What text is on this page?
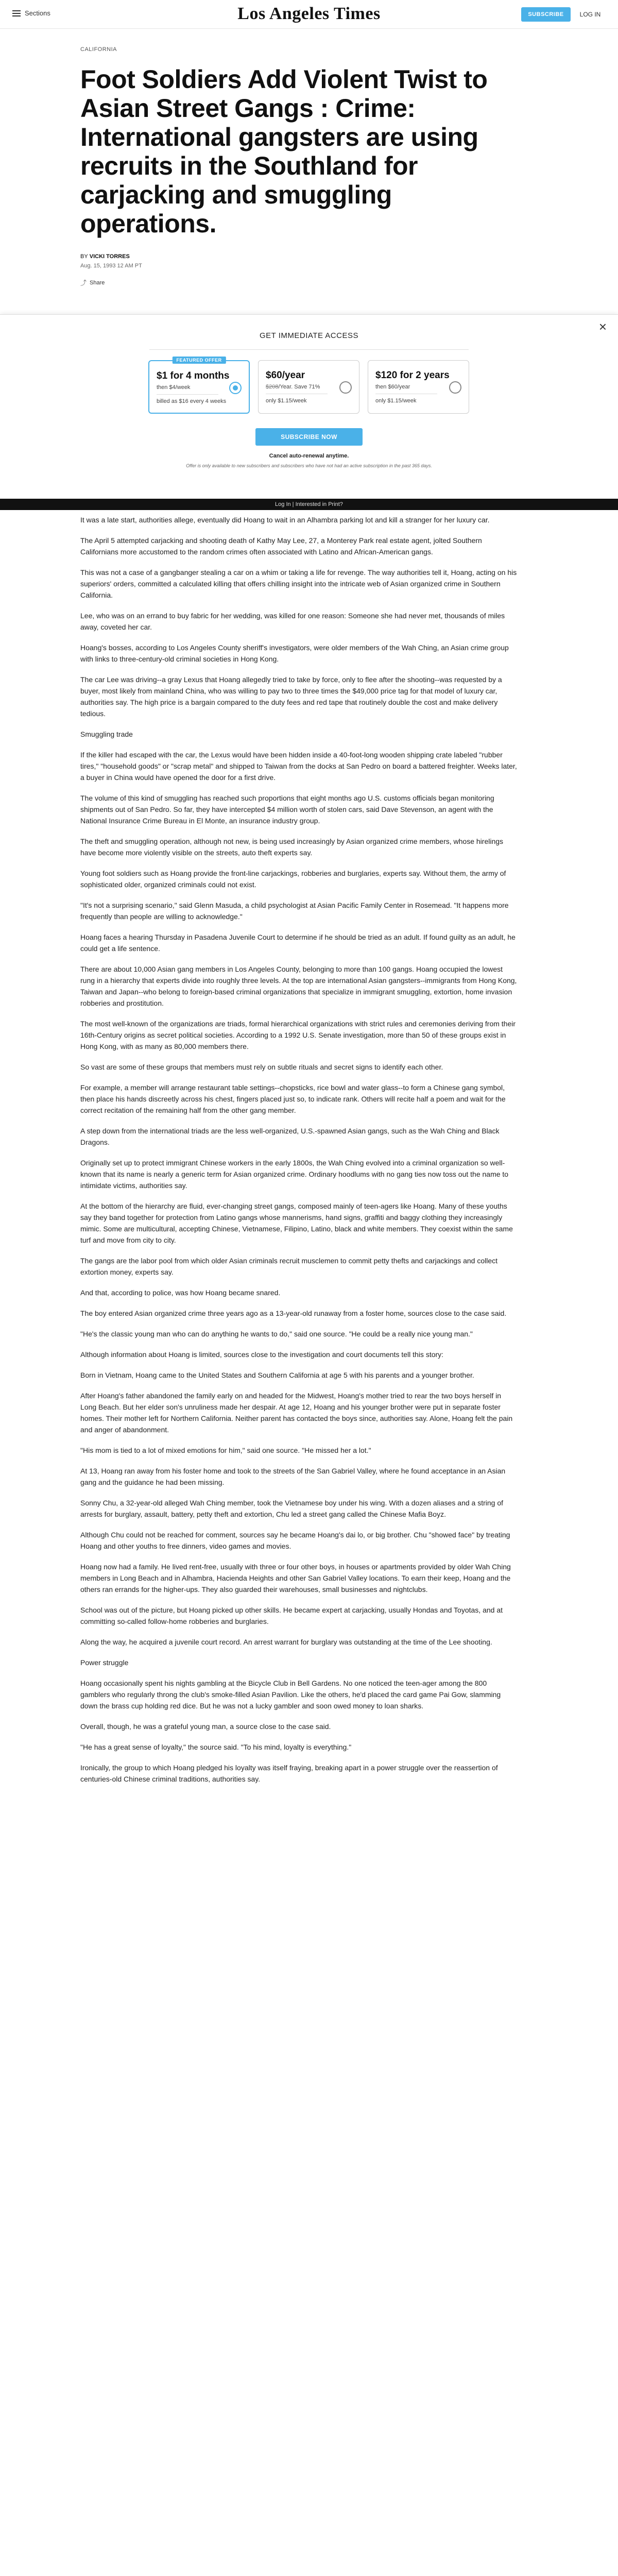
Sections	Los Angeles Times	SUBSCRIBE	LOG IN
CALIFORNIA
Foot Soldiers Add Violent Twist to Asian Street Gangs : Crime: International gangsters are using recruits in the Southland for carjacking and smuggling operations.
BY VICKI TORRES
Aug. 15, 1993 12 AM PT
⤴ Share
×
GET IMMEDIATE ACCESS
FEATURED OFFER
$1 for 4 months
then $4/week
billed as $16 every 4 weeks
$60/year
$208/Year. Save 71%
only $1.15/week
$120 for 2 years
then $60/year
only $1.15/week
SUBSCRIBE NOW
Cancel auto-renewal anytime.
Offer is only available to new subscribers and subscribers who have not had an active subscription in the past 365 days.
Log In | Interested in Print?

It was a late start, authorities allege, eventually did Hoang to wait in an Alhambra parking lot and kill a stranger for her luxury car.

The April 5 attempted carjacking and shooting death of Kathy May Lee, 27, a Monterey Park real estate agent, jolted Southern Californians more accustomed to the random crimes often associated with Latino and African-American gangs.

This was not a case of a gangbanger stealing a car on a whim or taking a life for revenge. The way authorities tell it, Hoang, acting on his superiors' orders, committed a calculated killing that offers chilling insight into the intricate web of Asian organized crime in Southern California.

Lee, who was on an errand to buy fabric for her wedding, was killed for one reason: Someone she had never met, thousands of miles away, coveted her car.

Hoang's bosses, according to Los Angeles County sheriff's investigators, were older members of the Wah Ching, an Asian crime group with links to three-century-old criminal societies in Hong Kong.

The car Lee was driving--a gray Lexus that Hoang allegedly tried to take by force, only to flee after the shooting--was requested by a buyer, most likely from mainland China, who was willing to pay two to three times the $49,000 price tag for that model of luxury car, authorities say. The high price is a bargain compared to the duty fees and red tape that routinely double the cost and make delivery tedious.

Smuggling trade

If the killer had escaped with the car, the Lexus would have been hidden inside a 40-foot-long wooden shipping crate labeled "rubber tires," "household goods" or "scrap metal" and shipped to Taiwan from the docks at San Pedro on board a battered freighter. Weeks later, a buyer in China would have opened the door for a first drive.

The volume of this kind of smuggling has reached such proportions that eight months ago U.S. customs officials began monitoring shipments out of San Pedro. So far, they have intercepted $4 million worth of stolen cars, said Dave Stevenson, an agent with the National Insurance Crime Bureau in El Monte, an insurance industry group.

The theft and smuggling operation, although not new, is being used increasingly by Asian organized crime members, whose hirelings have become more violently visible on the streets, auto theft experts say.

Young foot soldiers such as Hoang provide the front-line carjackings, robberies and burglaries, experts say. Without them, the army of sophisticated older, organized criminals could not exist.

"It's not a surprising scenario," said Glenn Masuda, a child psychologist at Asian Pacific Family Center in Rosemead. "It happens more frequently than people are willing to acknowledge."

Hoang faces a hearing Thursday in Pasadena Juvenile Court to determine if he should be tried as an adult. If found guilty as an adult, he could get a life sentence.

There are about 10,000 Asian gang members in Los Angeles County, belonging to more than 100 gangs. Hoang occupied the lowest rung in a hierarchy that experts divide into roughly three levels. At the top are international Asian gangsters--immigrants from Hong Kong, Taiwan and Japan--who belong to foreign-based criminal organizations that specialize in immigrant smuggling, extortion, home invasion robberies and prostitution.

The most well-known of the organizations are triads, formal hierarchical organizations with strict rules and ceremonies deriving from their 16th-Century origins as secret political societies. According to a 1992 U.S. Senate investigation, more than 50 of these groups exist in Hong Kong, with as many as 80,000 members there.

So vast are some of these groups that members must rely on subtle rituals and secret signs to identify each other.

For example, a member will arrange restaurant table settings--chopsticks, rice bowl and water glass--to form a Chinese gang symbol, then place his hands discreetly across his chest, fingers placed just so, to indicate rank. Others will recite half a poem and wait for the correct recitation of the remaining half from the other gang member.

A step down from the international triads are the less well-organized, U.S.-spawned Asian gangs, such as the Wah Ching and Black Dragons.

Originally set up to protect immigrant Chinese workers in the early 1800s, the Wah Ching evolved into a criminal organization so well-known that its name is nearly a generic term for Asian organized crime. Ordinary hoodlums with no gang ties now toss out the name to intimidate victims, authorities say.

At the bottom of the hierarchy are fluid, ever-changing street gangs, composed mainly of teen-agers like Hoang. Many of these youths say they band together for protection from Latino gangs whose mannerisms, hand signs, graffiti and baggy clothing they increasingly mimic. Some are multicultural, accepting Chinese, Vietnamese, Filipino, Latino, black and white members. They coexist within the same turf and move from city to city.

The gangs are the labor pool from which older Asian criminals recruit musclemen to commit petty thefts and carjackings and collect extortion money, experts say.

And that, according to police, was how Hoang became snared.

The boy entered Asian organized crime three years ago as a 13-year-old runaway from a foster home, sources close to the case said.

"He's the classic young man who can do anything he wants to do," said one source. "He could be a really nice young man."

Although information about Hoang is limited, sources close to the investigation and court documents tell this story:

Born in Vietnam, Hoang came to the United States and Southern California at age 5 with his parents and a younger brother.

After Hoang's father abandoned the family early on and headed for the Midwest, Hoang's mother tried to rear the two boys herself in Long Beach. But her elder son's unruliness made her despair. At age 12, Hoang and his younger brother were put in separate foster homes. Their mother left for Northern California. Neither parent has contacted the boys since, authorities say. Alone, Hoang felt the pain and anger of abandonment.

"His mom is tied to a lot of mixed emotions for him," said one source. "He missed her a lot."

At 13, Hoang ran away from his foster home and took to the streets of the San Gabriel Valley, where he found acceptance in an Asian gang and the guidance he had been missing.

Sonny Chu, a 32-year-old alleged Wah Ching member, took the Vietnamese boy under his wing. With a dozen aliases and a string of arrests for burglary, assault, battery, petty theft and extortion, Chu led a street gang called the Chinese Mafia Boyz.

Although Chu could not be reached for comment, sources say he became Hoang's dai lo, or big brother. Chu "showed face" by treating Hoang and other youths to free dinners, video games and movies.

Hoang now had a family. He lived rent-free, usually with three or four other boys, in houses or apartments provided by older Wah Ching members in Long Beach and in Alhambra, Hacienda Heights and other San Gabriel Valley locations. To earn their keep, Hoang and the others ran errands for the higher-ups. They also guarded their warehouses, small businesses and nightclubs.

School was out of the picture, but Hoang picked up other skills. He became expert at carjacking, usually Hondas and Toyotas, and at committing so-called follow-home robberies and burglaries.

Along the way, he acquired a juvenile court record. An arrest warrant for burglary was outstanding at the time of the Lee shooting.

Power struggle

Hoang occasionally spent his nights gambling at the Bicycle Club in Bell Gardens. No one noticed the teen-ager among the 800 gamblers who regularly throng the club's smoke-filled Asian Pavilion. Like the others, he'd placed the card game Pai Gow, slamming down the brass cup holding red dice. But he was not a lucky gambler and soon owed money to loan sharks.

Overall, though, he was a grateful young man, a source close to the case said.

"He has a great sense of loyalty," the source said. "To his mind, loyalty is everything."

Ironically, the group to which Hoang pledged his loyalty was itself fraying, breaking apart in a power struggle over the reassertion of centuries-old Chinese criminal traditions, authorities say.
